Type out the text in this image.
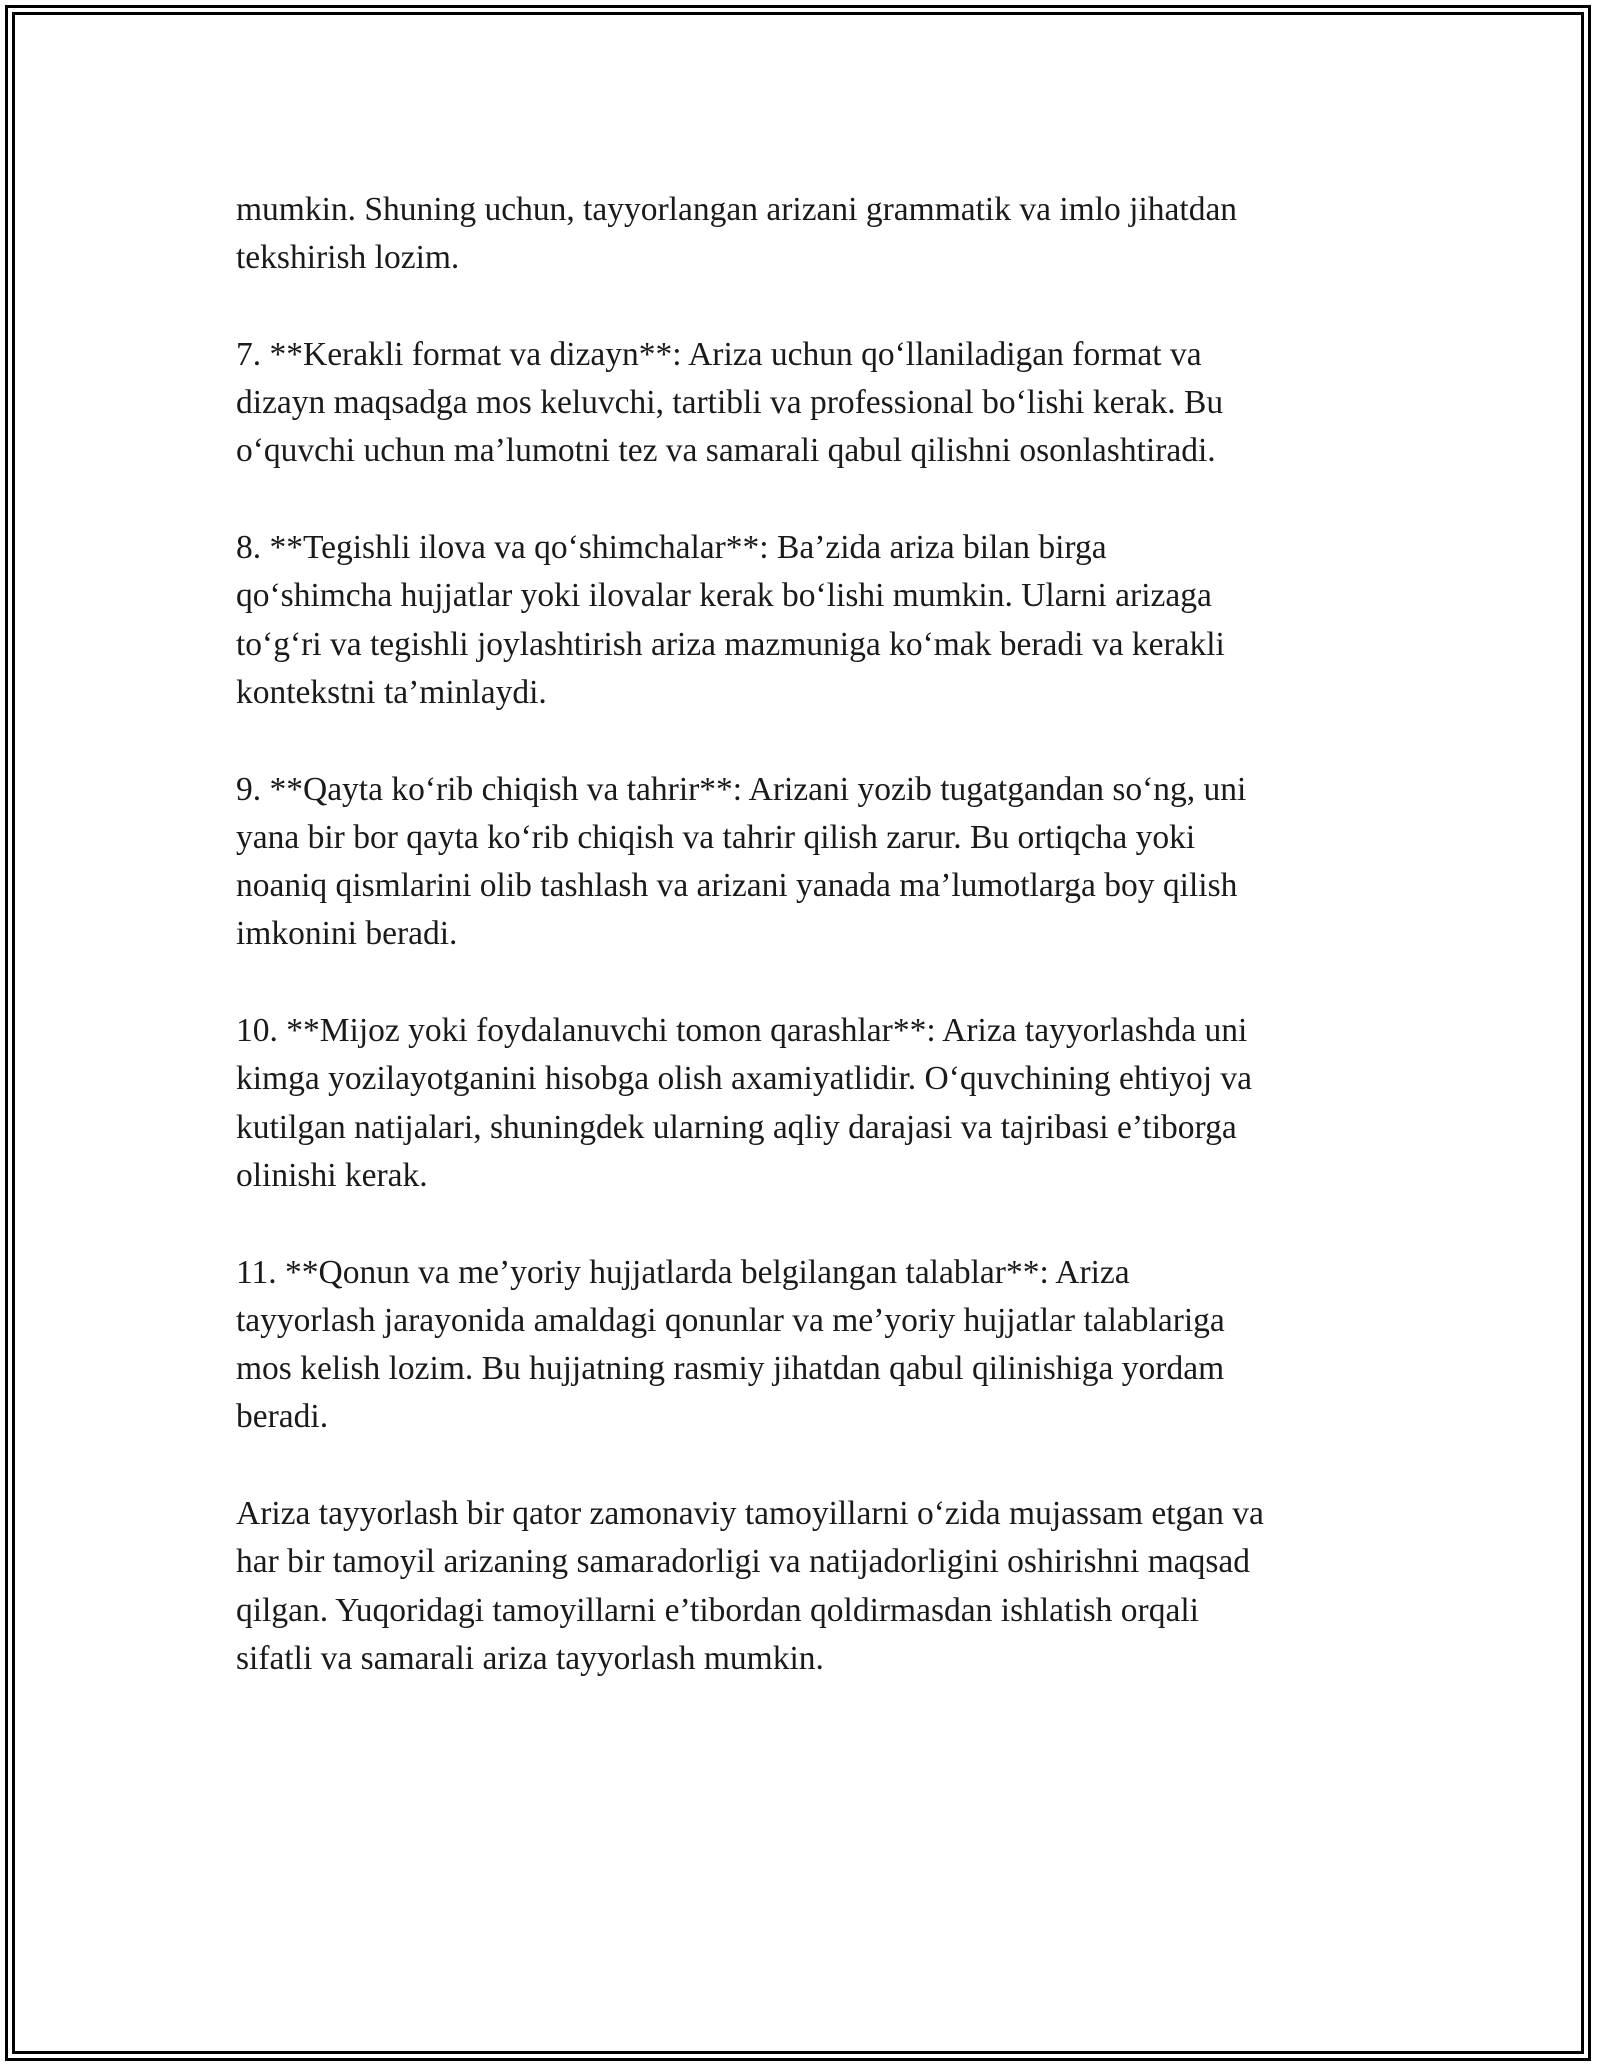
mumkin. Shuning uchun, tayyorlangan arizani grammatik va imlo jihatdan
tekshirish lozim.
7. **Kerakli format va dizayn**: Ariza uchun qo‘llaniladigan format va
dizayn maqsadga mos keluvchi, tartibli va professional bo‘lishi kerak. Bu
o‘quvchi uchun ma’lumotni tez va samarali qabul qilishni osonlashtiradi.
8. **Tegishli ilova va qo‘shimchalar**: Ba’zida ariza bilan birga
qo‘shimcha hujjatlar yoki ilovalar kerak bo‘lishi mumkin. Ularni arizaga
to‘g‘ri va tegishli joylashtirish ariza mazmuniga ko‘mak beradi va kerakli
kontekstni ta’minlaydi.
9. **Qayta ko‘rib chiqish va tahrir**: Arizani yozib tugatgandan so‘ng, uni
yana bir bor qayta ko‘rib chiqish va tahrir qilish zarur. Bu ortiqcha yoki
noaniq qismlarini olib tashlash va arizani yanada ma’lumotlarga boy qilish
imkonini beradi.
10. **Mijoz yoki foydalanuvchi tomon qarashlar**: Ariza tayyorlashda uni
kimga yozilayotganini hisobga olish axamiyatlidir. O‘quvchining ehtiyoj va
kutilgan natijalari, shuningdek ularning aqliy darajasi va tajribasi e’tiborga
olinishi kerak.
11. **Qonun va me’yoriy hujjatlarda belgilangan talablar**: Ariza
tayyorlash jarayonida amaldagi qonunlar va me’yoriy hujjatlar talablariga
mos kelish lozim. Bu hujjatning rasmiy jihatdan qabul qilinishiga yordam
beradi.
Ariza tayyorlash bir qator zamonaviy tamoyillarni o‘zida mujassam etgan va
har bir tamoyil arizaning samaradorligi va natijadorligini oshirishni maqsad
qilgan. Yuqoridagi tamoyillarni e’tibordan qoldirmasdan ishlatish orqali
sifatli va samarali ariza tayyorlash mumkin.
